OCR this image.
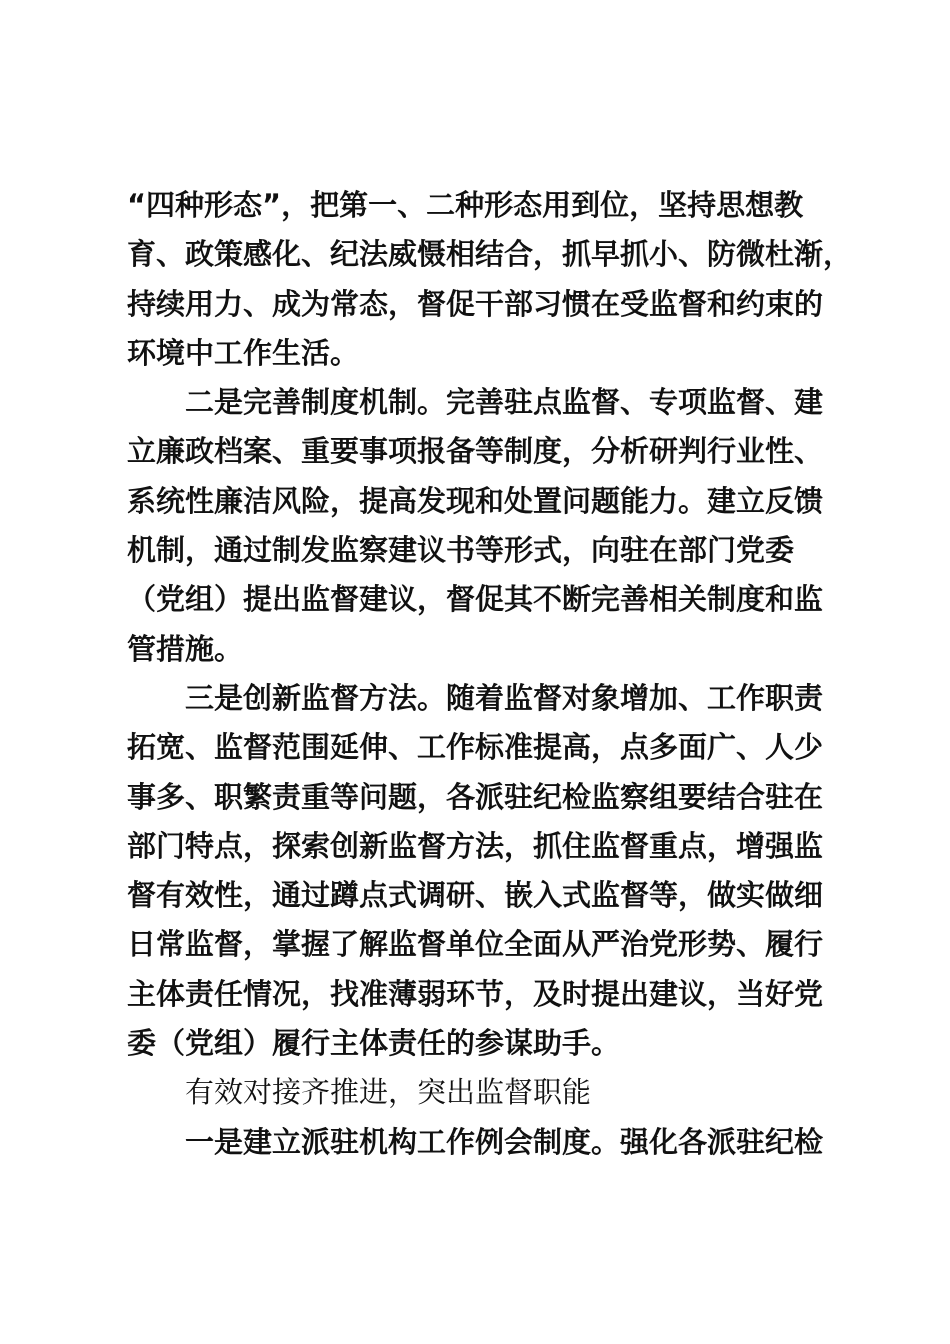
“四种形态”，把第一、二种形态用到位，坚持思想教
育、政策感化、纪法威慑相结合，抓早抓小、防微杜渐，
持续用力、成为常态，督促干部习惯在受监督和约束的
环境中工作生活。
二是完善制度机制。完善驻点监督、专项监督、建
立廉政档案、重要事项报备等制度，分析研判行业性、
系统性廉洁风险，提高发现和处置问题能力。建立反馈
机制，通过制发监察建议书等形式，向驻在部门党委
（党组）提出监督建议，督促其不断完善相关制度和监
管措施。
三是创新监督方法。随着监督对象增加、工作职责
拓宽、监督范围延伸、工作标准提高，点多面广、人少
事多、职繁责重等问题，各派驻纪检监察组要结合驻在
部门特点，探索创新监督方法，抓住监督重点，增强监
督有效性，通过蹲点式调研、嵌入式监督等，做实做细
日常监督，掌握了解监督单位全面从严治党形势、履行
主体责任情况，找准薄弱环节，及时提出建议，当好党
委（党组）履行主体责任的参谋助手。
有效对接齐推进，突出监督职能
一是建立派驻机构工作例会制度。强化各派驻纪检
